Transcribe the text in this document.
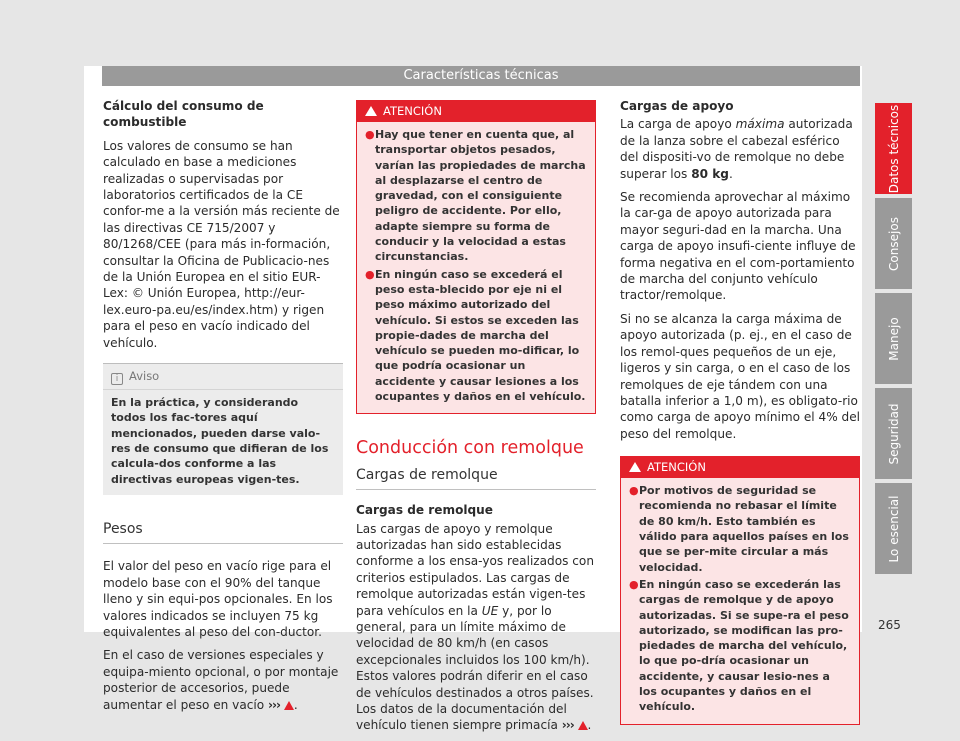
Características técnicas

Cálculo del consumo de combustible

Los valores de consumo se han calculado en base a mediciones realizadas o supervisadas por laboratorios certificados de la CE confor-me a la versión más reciente de las directivas CE 715/2007 y 80/1268/CEE (para más in-formación, consultar la Oficina de Publicacio-nes de la Unión Europea en el sitio EUR-Lex: © Unión Europea, http://eur-lex.euro-pa.eu/es/index.htm) y rigen para el peso en vacío indicado del vehículo.

i Aviso
En la práctica, y considerando todos los fac-tores aquí mencionados, pueden darse valo-res de consumo que difieran de los calcula-dos conforme a las directivas europeas vigen-tes.
Pesos

El valor del peso en vacío rige para el modelo base con el 90% del tanque lleno y sin equi-pos opcionales. En los valores indicados se incluyen 75 kg equivalentes al peso del con-ductor.

En el caso de versiones especiales y equipa-miento opcional, o por montaje posterior de accesorios, puede aumentar el peso en vacío ››› .

ATENCIÓN
● Hay que tener en cuenta que, al transportar objetos pesados, varían las propiedades de marcha al desplazarse el centro de gravedad, con el consiguiente peligro de accidente. Por ello, adapte siempre su forma de conducir y la velocidad a estas circunstancias.
● En ningún caso se excederá el peso esta-blecido por eje ni el peso máximo autorizado del vehículo. Si estos se exceden las propie-dades de marcha del vehículo se pueden mo-dificar, lo que podría ocasionar un accidente y causar lesiones a los ocupantes y daños en el vehículo.
Conducción con remolque
Cargas de remolque

Cargas de remolque

Las cargas de apoyo y remolque autorizadas han sido establecidas conforme a los ensa-yos realizados con criterios estipulados. Las cargas de remolque autorizadas están vigen-tes para vehículos en la UE y, por lo general, para un límite máximo de velocidad de 80 km/h (en casos excepcionales incluidos los 100 km/h). Estos valores podrán diferir en el caso de vehículos destinados a otros países. Los datos de la documentación del vehículo tienen siempre primacía ››› .

Cargas de apoyo

La carga de apoyo máxima autorizada de la lanza sobre el cabezal esférico del dispositi-vo de remolque no debe superar los 80 kg.

Se recomienda aprovechar al máximo la car-ga de apoyo autorizada para mayor seguri-dad en la marcha. Una carga de apoyo insufi-ciente influye de forma negativa en el com-portamiento de marcha del conjunto vehículo tractor/remolque.

Si no se alcanza la carga máxima de apoyo autorizada (p. ej., en el caso de los remol-ques pequeños de un eje, ligeros y sin carga, o en el caso de los remolques de eje tándem con una batalla inferior a 1,0 m), es obligato-rio como carga de apoyo mínimo el 4% del peso del remolque.

ATENCIÓN
● Por motivos de seguridad se recomienda no rebasar el límite de 80 km/h. Esto también es válido para aquellos países en los que se per-mite circular a más velocidad.
● En ningún caso se excederán las cargas de remolque y de apoyo autorizadas. Si se supe-ra el peso autorizado, se modifican las pro-piedades de marcha del vehículo, lo que po-dría ocasionar un accidente, y causar lesio-nes a los ocupantes y daños en el vehículo.
Datos técnicos
Consejos
Manejo
Seguridad
Lo esencial
265
